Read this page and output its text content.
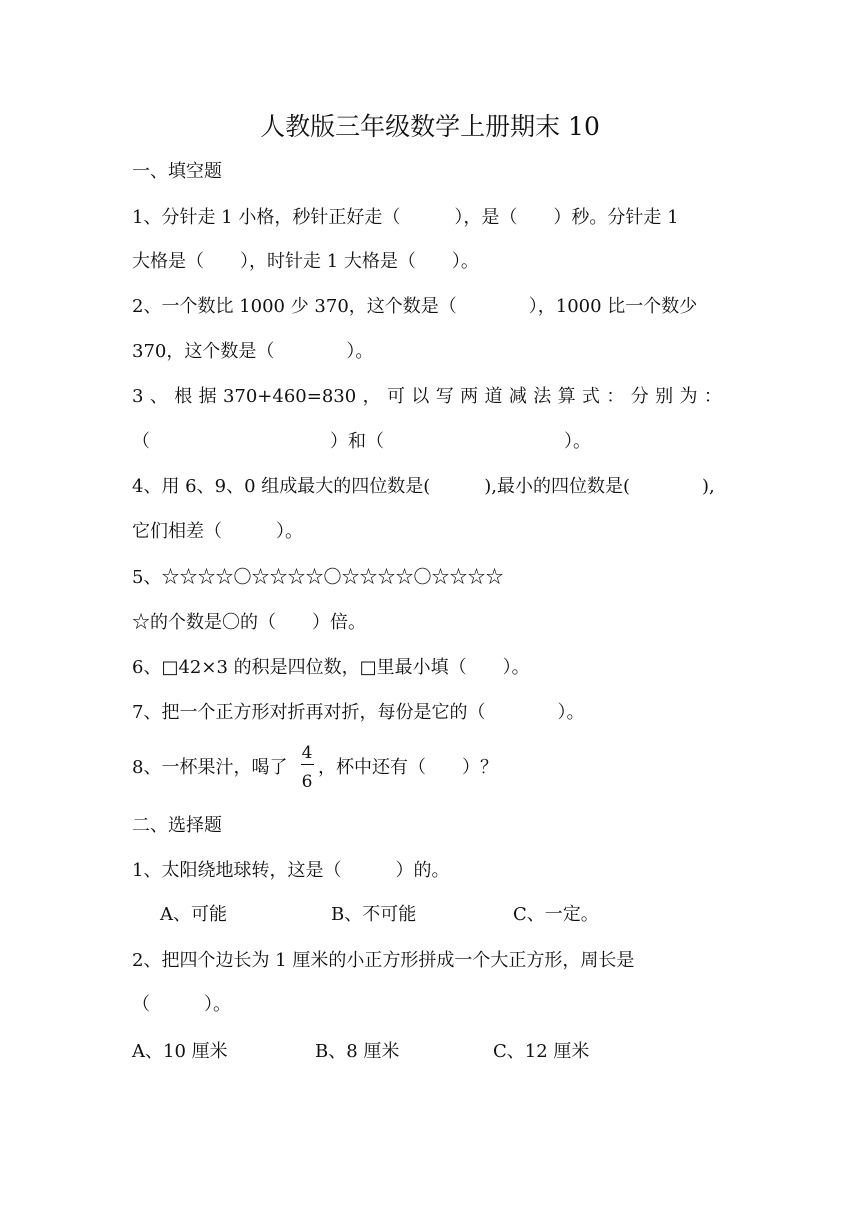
人教版三年级数学上册期末 10
一、填空题
1、分针走 1 小格，秒针正好走（　　　），是（　　）秒。分针走 1
大格是（　　），时针走 1 大格是（　　）。
2、一个数比 1000 少 370，这个数是（　　　　），1000 比一个数少
370，这个数是（　　　　）。
3 、 根 据 370+460=830 ， 可 以 写 两 道 减 法 算 式 ： 分 别 为 ：
（　　　　　　　　　　）和（　　　　　　　　　　）。
4、用 6、9、0 组成最大的四位数是(　　　),最小的四位数是(　　　　),
它们相差（　　　）。
5、☆☆☆☆〇☆☆☆☆〇☆☆☆☆〇☆☆☆☆
☆的个数是〇的（　　）倍。
6、□42×3 的积是四位数，□里最小填（　　）。
7、把一个正方形对折再对折，每份是它的（　　　　）。
8、一杯果汁，喝了
4
6
，杯中还有（　　）？
二、选择题
1、太阳绕地球转，这是（　　　）的。
A、可能	B、不可能	C、一定。
2、把四个边长为 1 厘米的小正方形拼成一个大正方形，周长是
（　　　）。
A、10 厘米	B、8 厘米	C、12 厘米
